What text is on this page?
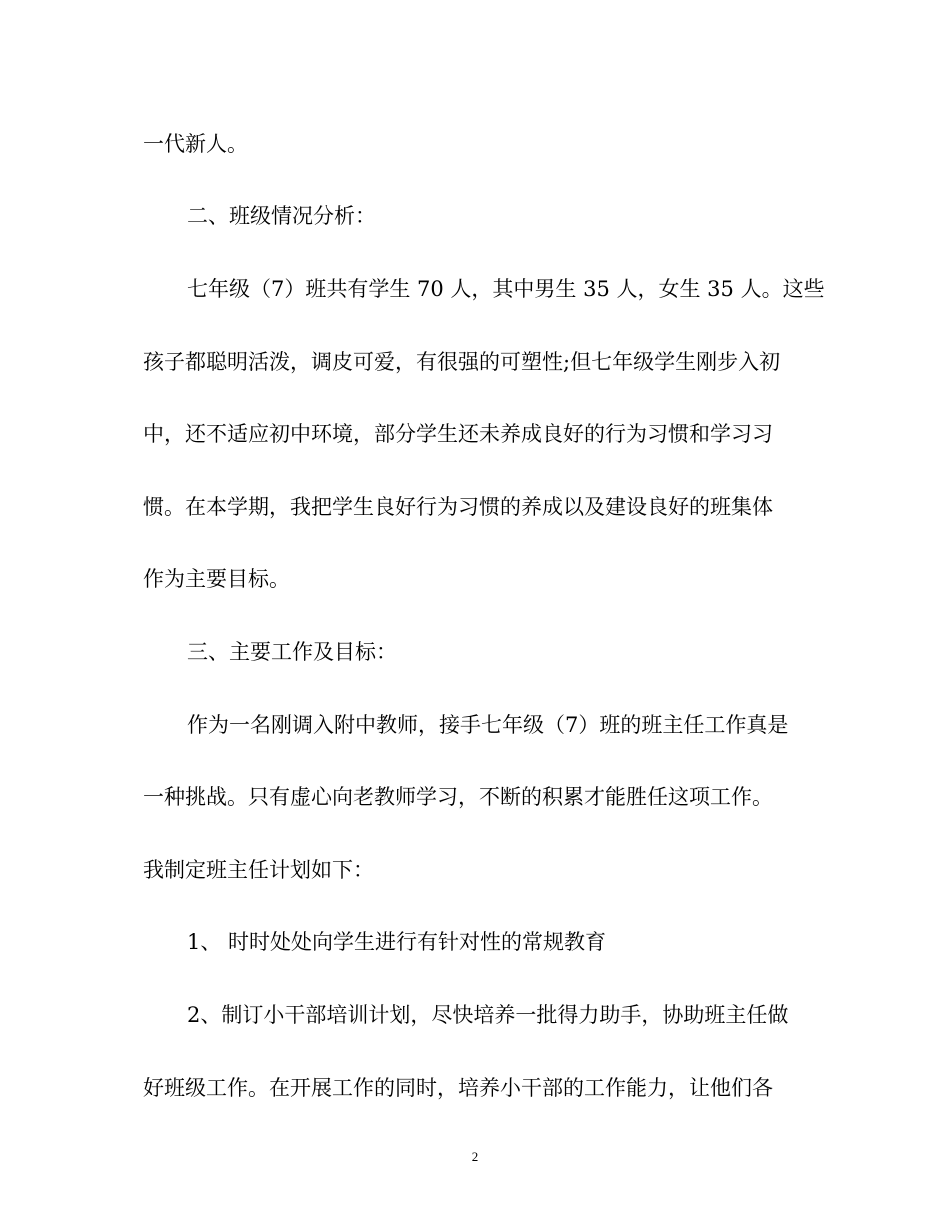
一代新人。
二、班级情况分析：
七年级（7）班共有学生 70 人，其中男生 35 人，女生 35 人。这些
孩子都聪明活泼，调皮可爱，有很强的可塑性;但七年级学生刚步入初
中，还不适应初中环境，部分学生还未养成良好的行为习惯和学习习
惯。在本学期，我把学生良好行为习惯的养成以及建设良好的班集体
作为主要目标。
三、主要工作及目标：
作为一名刚调入附中教师，接手七年级（7）班的班主任工作真是
一种挑战。只有虚心向老教师学习，不断的积累才能胜任这项工作。
我制定班主任计划如下：
1、 时时处处向学生进行有针对性的常规教育
2、制订小干部培训计划，尽快培养一批得力助手，协助班主任做
好班级工作。在开展工作的同时，培养小干部的工作能力，让他们各
2
